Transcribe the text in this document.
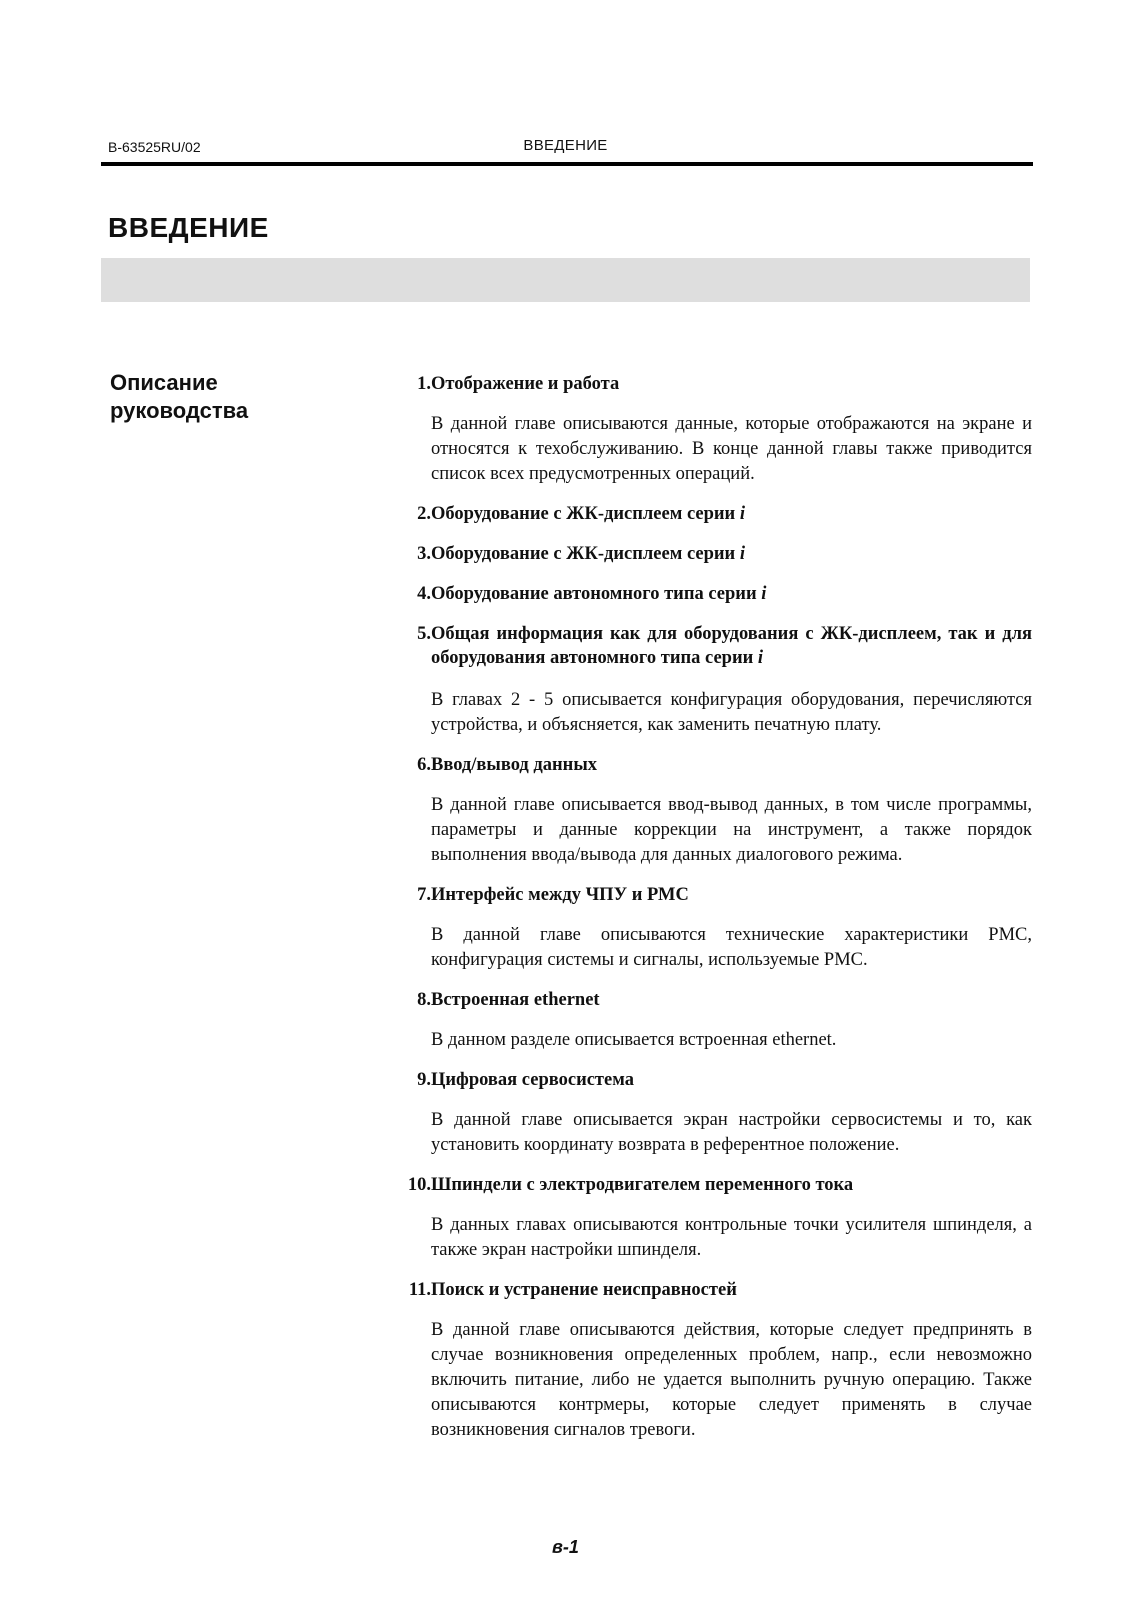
B-63525RU/02	ВВЕДЕНИЕ
ВВЕДЕНИЕ
Описание
руководства
1. Отображение и работа

В данной главе описываются данные, которые отображаются на экране и относятся к техобслуживанию. В конце данной главы также приводится список всех предусмотренных операций.

2. Оборудование с ЖК-дисплеем серии i
3. Оборудование с ЖК-дисплеем серии i
4. Оборудование автономного типа серии i
5. Общая информация как для оборудования с ЖК-дисплеем, так и для оборудования автономного типа серии i

В главах 2 - 5 описывается конфигурация оборудования, перечисляются устройства, и объясняется, как заменить печатную плату.

6. Ввод/вывод данных

В данной главе описывается ввод-вывод данных, в том числе программы, параметры и данные коррекции на инструмент, а также порядок выполнения ввода/вывода для данных диалогового режима.

7. Интерфейс между ЧПУ и РМС

В данной главе описываются технические характеристики PMC, конфигурация системы и сигналы, используемые PMC.

8. Встроенная ethernet

В данном разделе описывается встроенная ethernet.

9. Цифровая сервосистема

В данной главе описывается экран настройки сервосистемы и то, как установить координату возврата в референтное положение.

10. Шпиндели с электродвигателем переменного тока

В данных главах описываются контрольные точки усилителя шпинделя, а также экран настройки шпинделя.

11. Поиск и устранение неисправностей

В данной главе описываются действия, которые следует предпринять в случае возникновения определенных проблем, напр., если невозможно включить питание, либо не удается выполнить ручную операцию. Также описываются контрмеры, которые следует применять в случае возникновения сигналов тревоги.

в-1
